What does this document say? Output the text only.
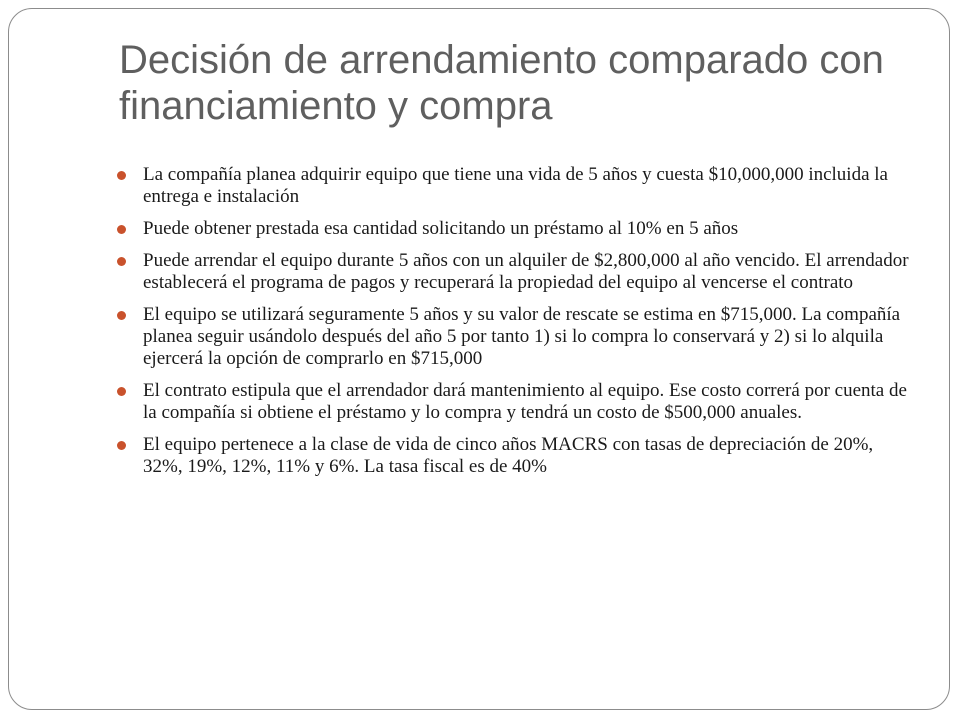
Decisión de arrendamiento comparado con financiamiento y compra
La compañía planea adquirir equipo que tiene una vida de 5 años y cuesta $10,000,000 incluida la entrega e instalación
Puede obtener prestada esa cantidad solicitando un préstamo al 10% en 5 años
Puede arrendar el equipo durante 5 años con un alquiler de $2,800,000 al año vencido. El arrendador establecerá el programa de pagos y recuperará la propiedad del equipo al vencerse el contrato
El equipo se utilizará seguramente 5 años y su valor de rescate se estima en $715,000. La compañía planea seguir usándolo después del año 5 por tanto 1) si lo compra lo conservará y 2) si lo alquila ejercerá la opción de comprarlo en $715,000
El contrato estipula que el arrendador dará mantenimiento al equipo. Ese costo correrá por cuenta de la compañía si obtiene el préstamo y lo compra y tendrá un costo de $500,000 anuales.
El equipo pertenece a la clase de vida de cinco años MACRS con tasas de depreciación de 20%, 32%, 19%, 12%, 11% y 6%. La tasa fiscal es de 40%
